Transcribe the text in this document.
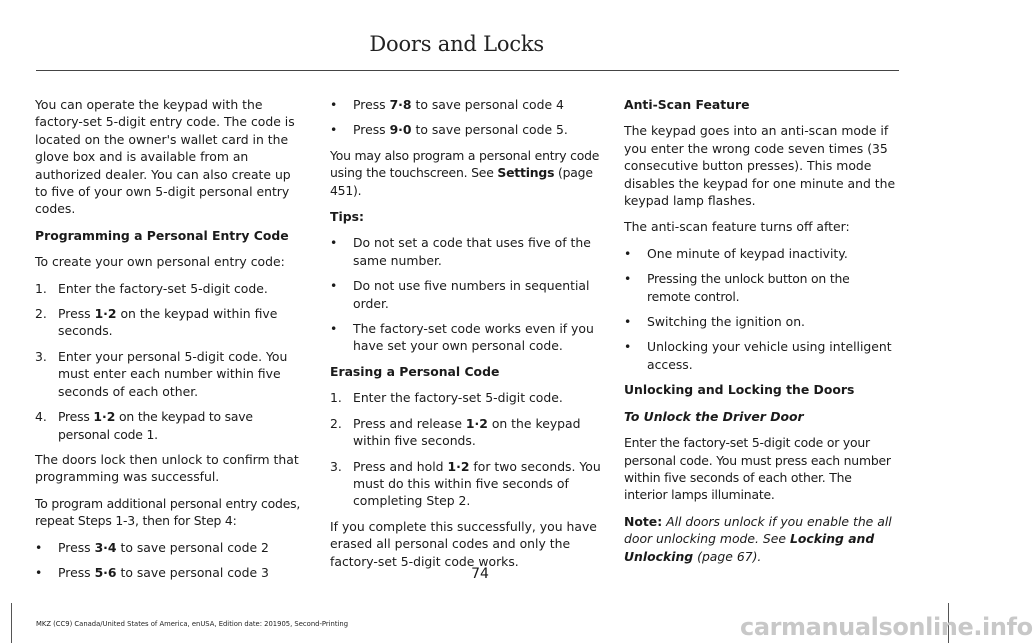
Doors and Locks

You can operate the keypad with the factory-set 5-digit entry code. The code is located on the owner's wallet card in the glove box and is available from an authorized dealer. You can also create up to five of your own 5-digit personal entry codes.

Programming a Personal Entry Code

To create your own personal entry code:

1. Enter the factory-set 5-digit code.
2. Press 1·2 on the keypad within five seconds.
3. Enter your personal 5-digit code. You must enter each number within five seconds of each other.
4. Press 1·2 on the keypad to save personal code 1.

The doors lock then unlock to confirm that programming was successful.

To program additional personal entry codes, repeat Steps 1-3, then for Step 4:

• Press 3·4 to save personal code 2
• Press 5·6 to save personal code 3
• Press 7·8 to save personal code 4
• Press 9·0 to save personal code 5.

You may also program a personal entry code using the touchscreen. See Settings (page 451).

Tips:

• Do not set a code that uses five of the same number.
• Do not use five numbers in sequential order.
• The factory-set code works even if you have set your own personal code.

Erasing a Personal Code

1. Enter the factory-set 5-digit code.
2. Press and release 1·2 on the keypad within five seconds.
3. Press and hold 1·2 for two seconds. You must do this within five seconds of completing Step 2.

If you complete this successfully, you have erased all personal codes and only the factory-set 5-digit code works.

Anti-Scan Feature

The keypad goes into an anti-scan mode if you enter the wrong code seven times (35 consecutive button presses). This mode disables the keypad for one minute and the keypad lamp flashes.

The anti-scan feature turns off after:

• One minute of keypad inactivity.
• Pressing the unlock button on the remote control.
• Switching the ignition on.
• Unlocking your vehicle using intelligent access.

Unlocking and Locking the Doors

To Unlock the Driver Door

Enter the factory-set 5-digit code or your personal code. You must press each number within five seconds of each other. The interior lamps illuminate.

Note: All doors unlock if you enable the all door unlocking mode. See Locking and Unlocking (page 67).

74
MKZ (CC9) Canada/United States of America, enUSA, Edition date: 201905, Second-Printing	carmanualsonline.info
